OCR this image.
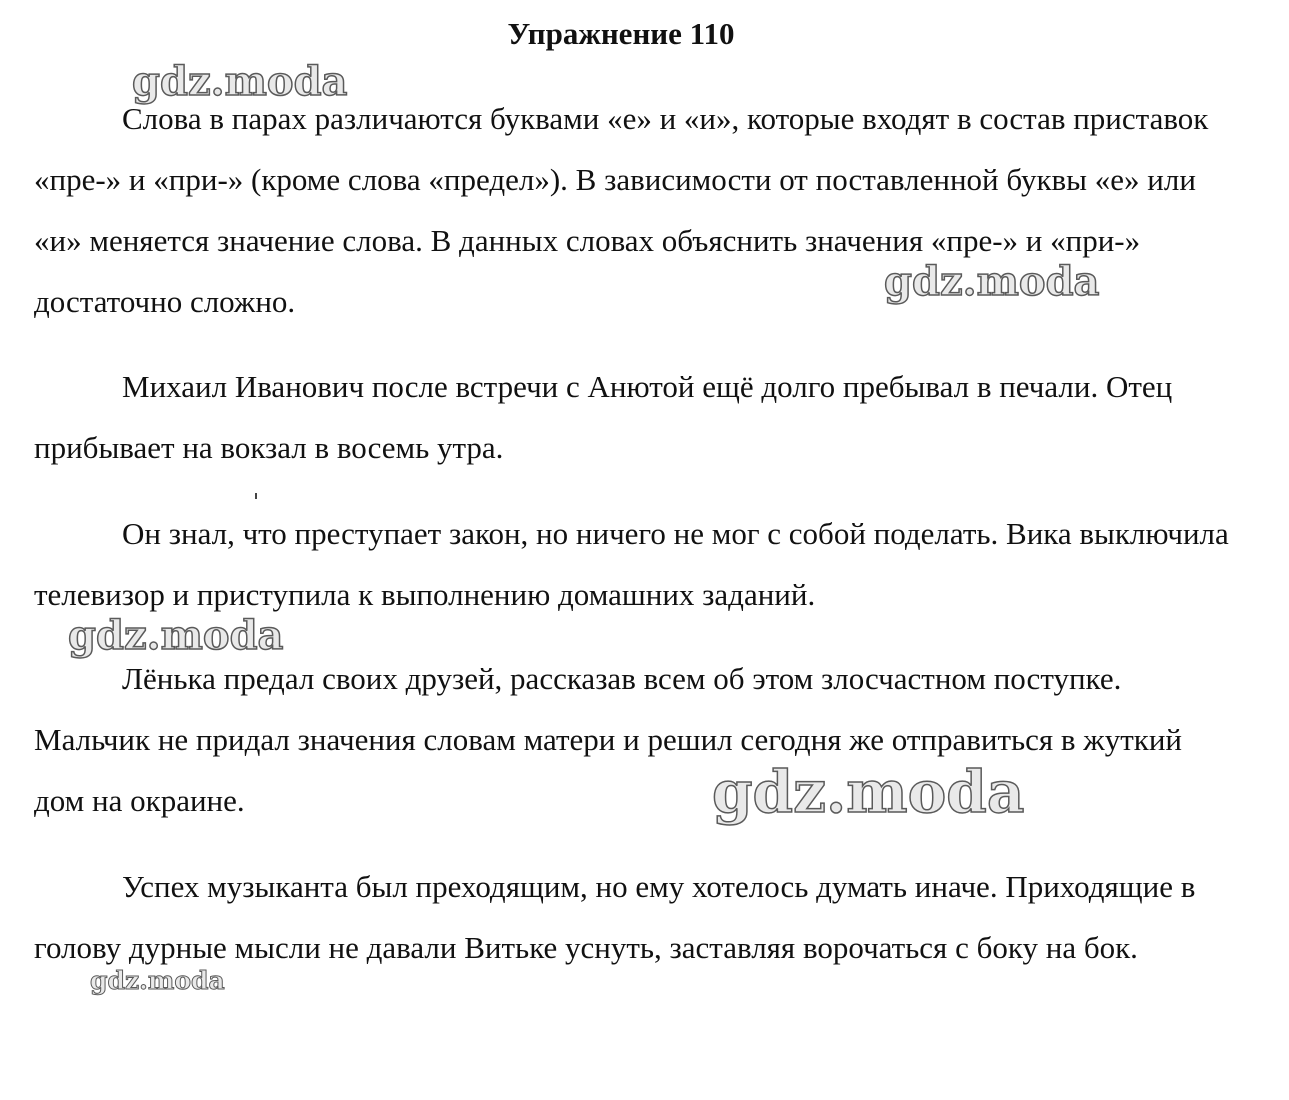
Упражнение 110

Слова в парах различаются буквами «е» и «и», которые входят в состав приставок «пре-» и «при-» (кроме слова «предел»). В зависимости от поставленной буквы «е» или «и» меняется значение слова. В данных словах объяснить значения «пре-» и «при-» достаточно сложно.

Михаил Иванович после встречи с Анютой ещё долго пребывал в печали. Отец прибывает на вокзал в восемь утра.

Он знал, что преступает закон, но ничего не мог с собой поделать. Вика выключила телевизор и приступила к выполнению домашних заданий.

Лёнька предал своих друзей, рассказав всем об этом злосчастном поступке. Мальчик не придал значения словам матери и решил сегодня же отправиться в жуткий дом на окраине.

Успех музыканта был преходящим, но ему хотелось думать иначе. Приходящие в голову дурные мысли не давали Витьке уснуть, заставляя ворочаться с боку на бок.

gdz.moda
gdz.moda
gdz.moda
gdz.moda
gdz.moda
